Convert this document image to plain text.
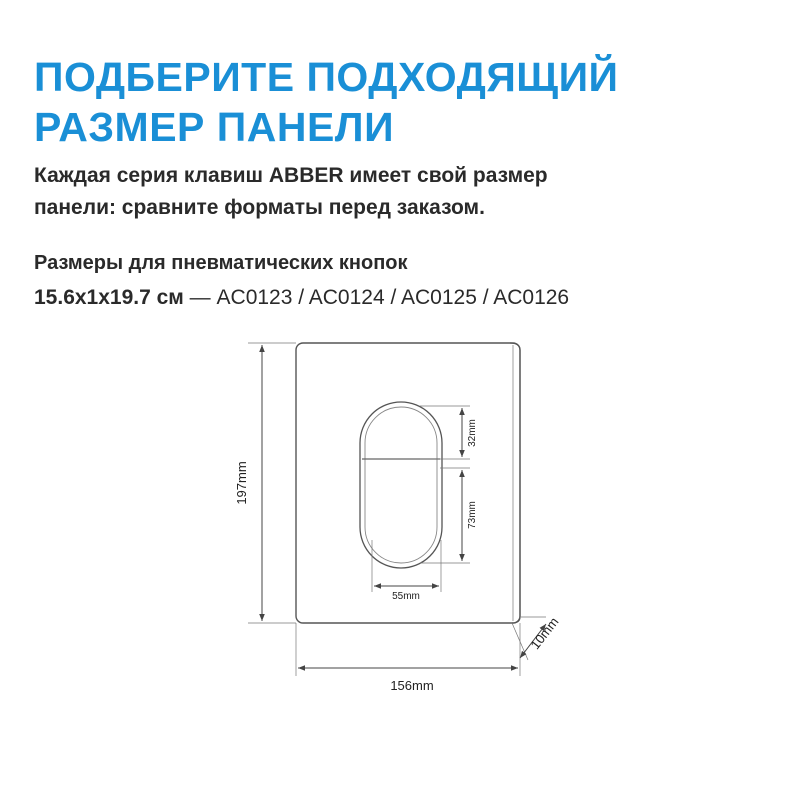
ПОДБЕРИТЕ ПОДХОДЯЩИЙ
РАЗМЕР ПАНЕЛИ

Каждая серия клавиш ABBER имеет свой размер
панели: сравните форматы перед заказом.

Размеры для пневматических кнопок

15.6x1x19.7 см — AC0123 / AC0124 / AC0125 / AC0126

197mm
156mm
10mm
55mm
32mm
73mm
